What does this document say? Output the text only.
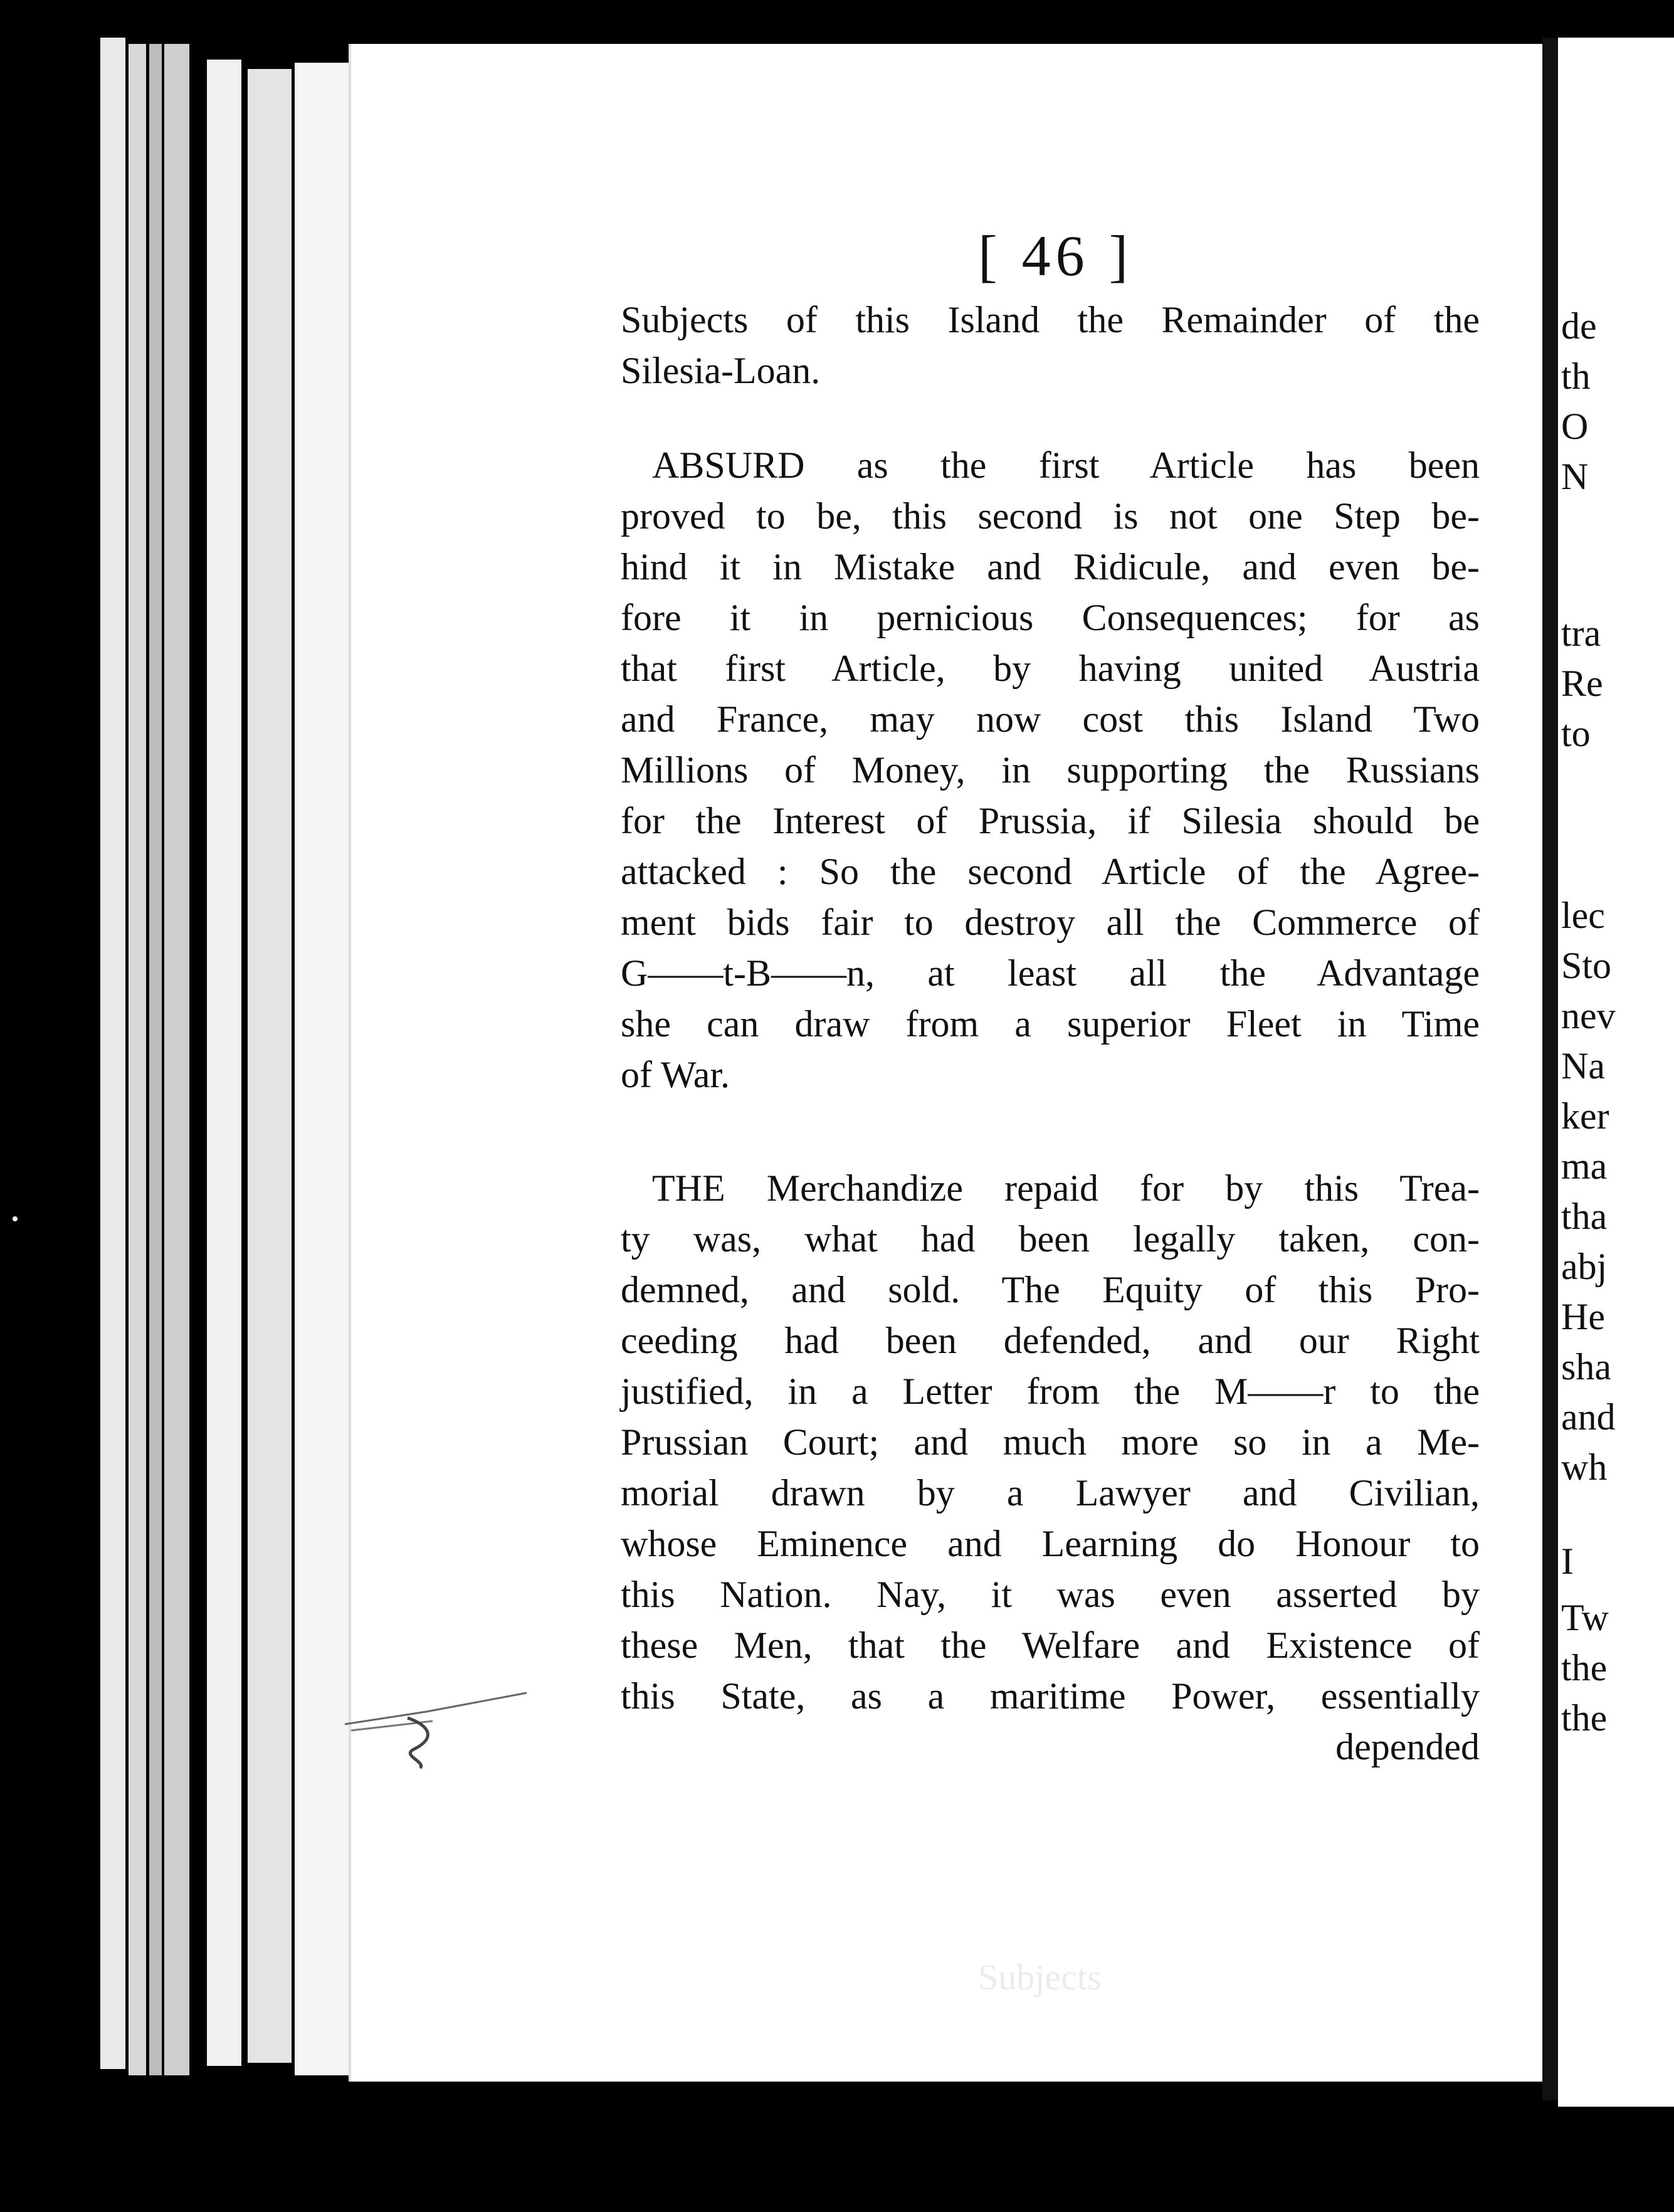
Subjects
[ 46 ]
Subjects of this Island the Remainder of the
Silesia-Loan.
ABSURD as the first Article has been
proved to be, this second is not one Step be-
hind it in Mistake and Ridicule, and even be-
fore it in pernicious Consequences; for as
that first Article, by having united Austria
and France, may now cost this Island Two
Millions of Money, in supporting the Russians
for the Interest of Prussia, if Silesia should be
attacked : So the second Article of the Agree-
ment bids fair to destroy all the Commerce of
G——t-B——n, at least all the Advantage
she can draw from a superior Fleet in Time
of War.
THE Merchandize repaid for by this Trea-
ty was, what had been legally taken, con-
demned, and sold. The Equity of this Pro-
ceeding had been defended, and our Right
justified, in a Letter from the M——r to the
Prussian Court; and much more so in a Me-
morial drawn by a Lawyer and Civilian,
whose Eminence and Learning do Honour to
this Nation. Nay, it was even asserted by
these Men, that the Welfare and Existence of
this State, as a maritime Power, essentially
depended
de
th
O
N
tra
Re
to
lec
Sto
nev
Na
ker
ma
tha
abj
He
sha
and
wh
I
Tw
the
the
